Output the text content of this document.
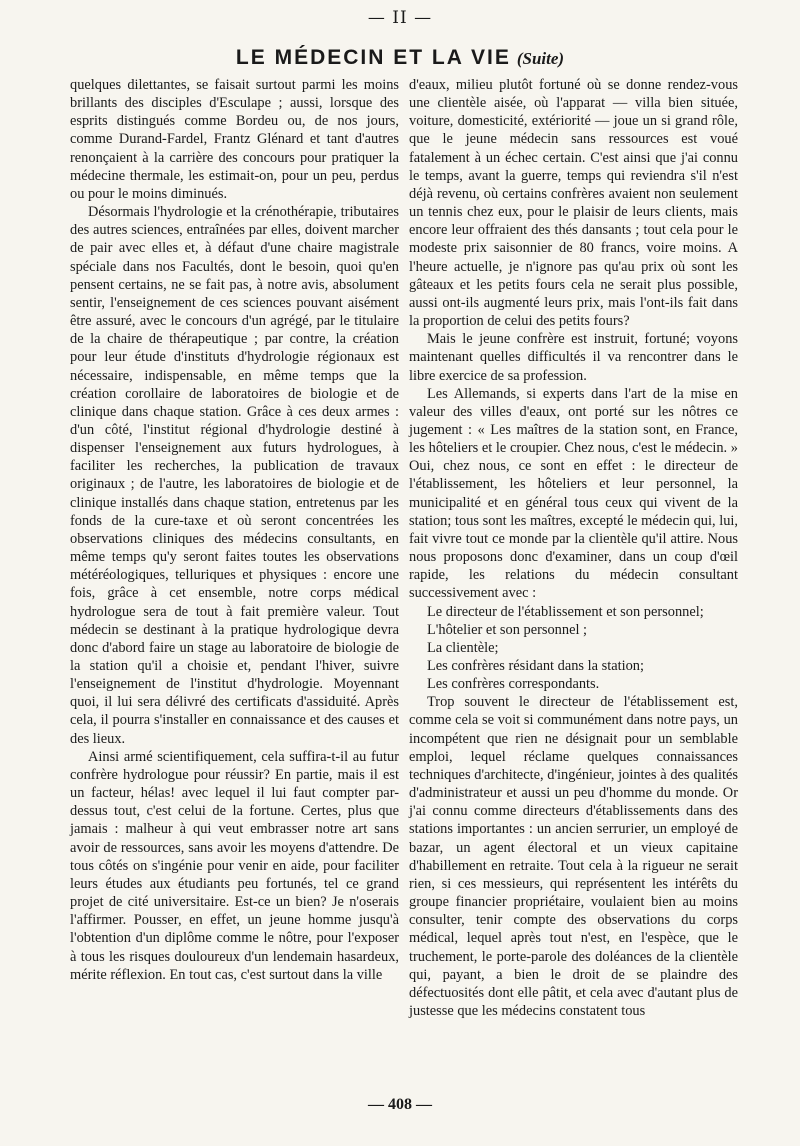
— II —
LE MÉDECIN ET LA VIE (Suite)

quelques dilettantes, se faisait surtout parmi les moins brillants des disciples d'Esculape ; aussi, lorsque des esprits distingués comme Bordeu ou, de nos jours, comme Durand-Fardel, Frantz Glénard et tant d'autres renonçaient à la carrière des concours pour pratiquer la médecine thermale, les estimait-on, pour un peu, perdus ou pour le moins diminués.

Désormais l'hydrologie et la crénothérapie, tributaires des autres sciences, entraînées par elles, doivent marcher de pair avec elles et, à défaut d'une chaire magistrale spéciale dans nos Facultés, dont le besoin, quoi qu'en pensent certains, ne se fait pas, à notre avis, absolument sentir, l'enseignement de ces sciences pouvant aisément être assuré, avec le concours d'un agrégé, par le titulaire de la chaire de thérapeutique ; par contre, la création pour leur étude d'instituts d'hydrologie régionaux est nécessaire, indispensable, en même temps que la création corollaire de laboratoires de biologie et de clinique dans chaque station. Grâce à ces deux armes : d'un côté, l'institut régional d'hydrologie destiné à dispenser l'enseignement aux futurs hydrologues, à faciliter les recherches, la publication de travaux originaux ; de l'autre, les laboratoires de biologie et de clinique installés dans chaque station, entretenus par les fonds de la cure-taxe et où seront concentrées les observations cliniques des médecins consultants, en même temps qu'y seront faites toutes les observations météréologiques, telluriques et physiques : encore une fois, grâce à cet ensemble, notre corps médical hydrologue sera de tout à fait première valeur. Tout médecin se destinant à la pratique hydrologique devra donc d'abord faire un stage au laboratoire de biologie de la station qu'il a choisie et, pendant l'hiver, suivre l'enseignement de l'institut d'hydrologie. Moyennant quoi, il lui sera délivré des certificats d'assiduité. Après cela, il pourra s'installer en connaissance et des causes et des lieux.

Ainsi armé scientifiquement, cela suffira-t-il au futur confrère hydrologue pour réussir? En partie, mais il est un facteur, hélas! avec lequel il lui faut compter par-dessus tout, c'est celui de la fortune. Certes, plus que jamais : malheur à qui veut embrasser notre art sans avoir de ressources, sans avoir les moyens d'attendre. De tous côtés on s'ingénie pour venir en aide, pour faciliter leurs études aux étudiants peu fortunés, tel ce grand projet de cité universitaire. Est-ce un bien? Je n'oserais l'affirmer. Pousser, en effet, un jeune homme jusqu'à l'obtention d'un diplôme comme le nôtre, pour l'exposer à tous les risques douloureux d'un lendemain hasardeux, mérite réflexion. En tout cas, c'est surtout dans la ville

d'eaux, milieu plutôt fortuné où se donne rendez-vous une clientèle aisée, où l'apparat — villa bien située, voiture, domesticité, extériorité — joue un si grand rôle, que le jeune médecin sans ressources est voué fatalement à un échec certain. C'est ainsi que j'ai connu le temps, avant la guerre, temps qui reviendra s'il n'est déjà revenu, où certains confrères avaient non seulement un tennis chez eux, pour le plaisir de leurs clients, mais encore leur offraient des thés dansants ; tout cela pour le modeste prix saisonnier de 80 francs, voire moins. A l'heure actuelle, je n'ignore pas qu'au prix où sont les gâteaux et les petits fours cela ne serait plus possible, aussi ont-ils augmenté leurs prix, mais l'ont-ils fait dans la proportion de celui des petits fours?

Mais le jeune confrère est instruit, fortuné; voyons maintenant quelles difficultés il va rencontrer dans le libre exercice de sa profession.

Les Allemands, si experts dans l'art de la mise en valeur des villes d'eaux, ont porté sur les nôtres ce jugement : « Les maîtres de la station sont, en France, les hôteliers et le croupier. Chez nous, c'est le médecin. » Oui, chez nous, ce sont en effet : le directeur de l'établissement, les hôteliers et leur personnel, la municipalité et en général tous ceux qui vivent de la station; tous sont les maîtres, excepté le médecin qui, lui, fait vivre tout ce monde par la clientèle qu'il attire. Nous nous proposons donc d'examiner, dans un coup d'œil rapide, les relations du médecin consultant successivement avec :

Le directeur de l'établissement et son personnel;

L'hôtelier et son personnel ;

La clientèle;

Les confrères résidant dans la station;

Les confrères correspondants.

Trop souvent le directeur de l'établissement est, comme cela se voit si communément dans notre pays, un incompétent que rien ne désignait pour un semblable emploi, lequel réclame quelques connaissances techniques d'architecte, d'ingénieur, jointes à des qualités d'administrateur et aussi un peu d'homme du monde. Or j'ai connu comme directeurs d'établissements dans des stations importantes : un ancien serrurier, un employé de bazar, un agent électoral et un vieux capitaine d'habillement en retraite. Tout cela à la rigueur ne serait rien, si ces messieurs, qui représentent les intérêts du groupe financier propriétaire, voulaient bien au moins consulter, tenir compte des observations du corps médical, lequel après tout n'est, en l'espèce, que le truchement, le porte-parole des doléances de la clientèle qui, payant, a bien le droit de se plaindre des défectuosités dont elle pâtit, et cela avec d'autant plus de justesse que les médecins constatent tous

— 408 —
